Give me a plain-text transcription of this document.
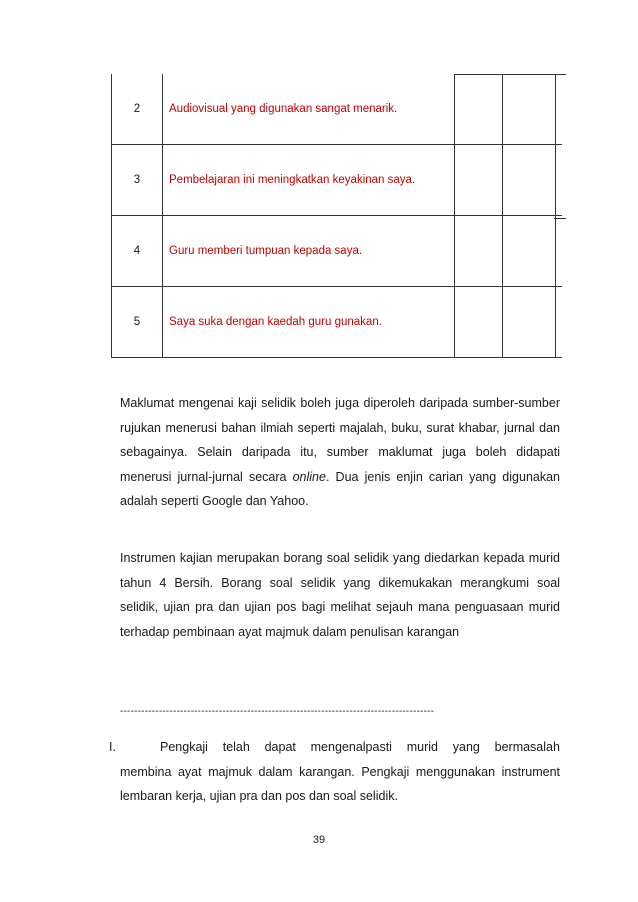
2	Audiovisual yang digunakan sangat menarik.			
3	Pembelajaran ini meningkatkan keyakinan saya.			
4	Guru memberi tumpuan kepada saya.			
5	Saya suka dengan kaedah guru gunakan.			

Maklumat mengenai kaji selidik boleh juga diperoleh daripada sumber-sumber rujukan menerusi bahan ilmiah seperti majalah, buku, surat khabar, jurnal dan sebagainya. Selain daripada itu, sumber maklumat juga boleh didapati menerusi jurnal-jurnal secara online. Dua jenis enjin carian yang digunakan adalah seperti Google dan Yahoo.

Instrumen kajian merupakan borang soal selidik yang diedarkan kepada murid tahun 4 Bersih. Borang soal selidik yang dikemukakan merangkumi soal selidik, ujian pra dan ujian pos bagi melihat sejauh mana penguasaan murid terhadap pembinaan ayat majmuk dalam penulisan karangan

-----------------------------------------------------------------------------------------
I.	Pengkaji telah dapat mengenalpasti murid yang bermasalah

membina ayat majmuk dalam karangan. Pengkaji menggunakan instrument lembaran kerja, ujian pra dan pos dan soal selidik.

39
